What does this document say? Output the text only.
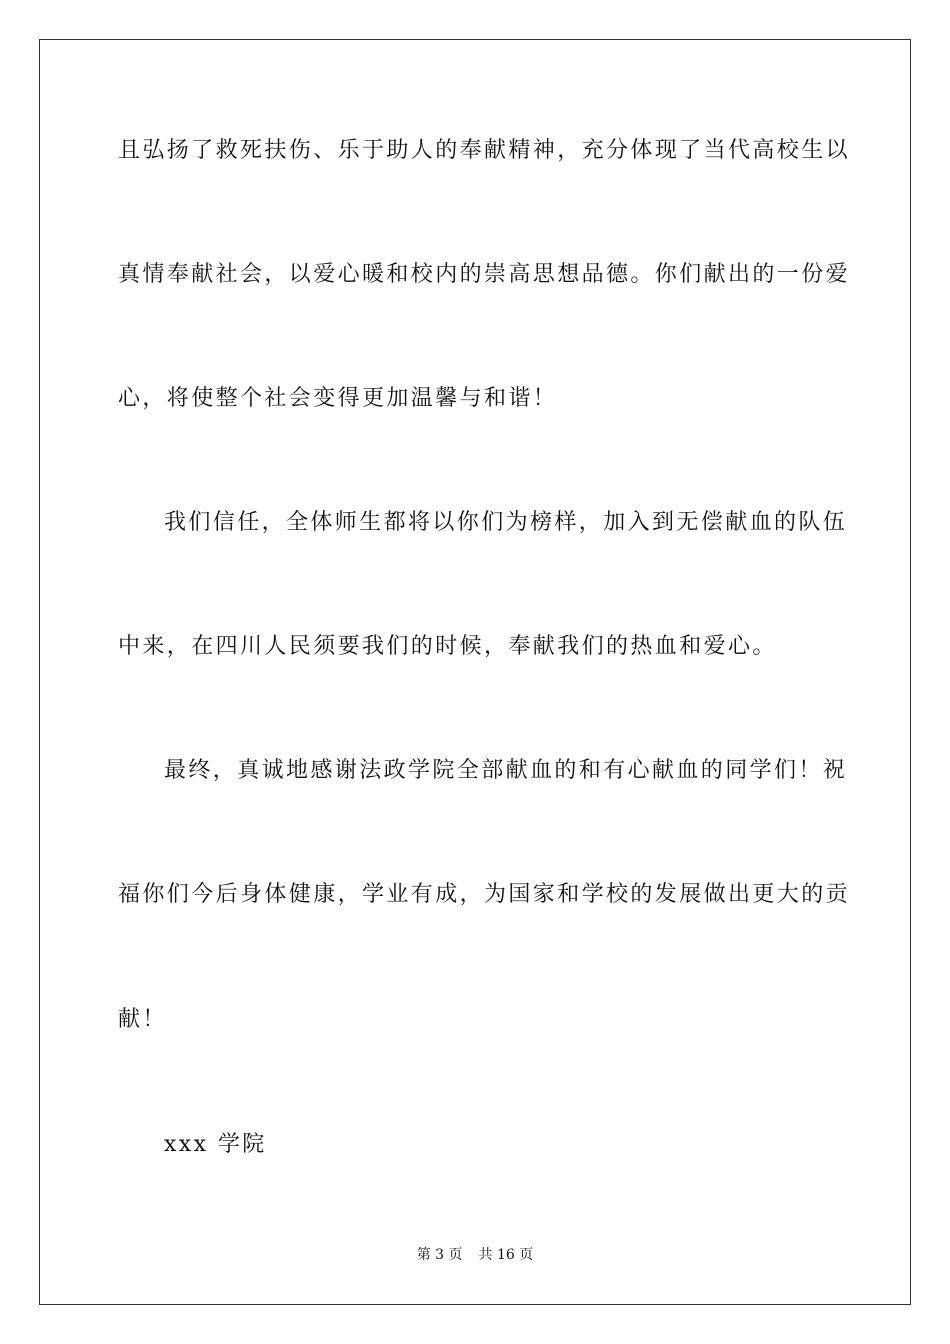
且弘扬了救死扶伤、乐于助人的奉献精神，充分体现了当代高校生以
真情奉献社会，以爱心暖和校内的崇高思想品德。你们献出的一份爱
心，将使整个社会变得更加温馨与和谐！
我们信任，全体师生都将以你们为榜样，加入到无偿献血的队伍
中来，在四川人民须要我们的时候，奉献我们的热血和爱心。
最终，真诚地感谢法政学院全部献血的和有心献血的同学们！祝
福你们今后身体健康，学业有成，为国家和学校的发展做出更大的贡
献！
xxx 学院
第 3 页 共 16 页
